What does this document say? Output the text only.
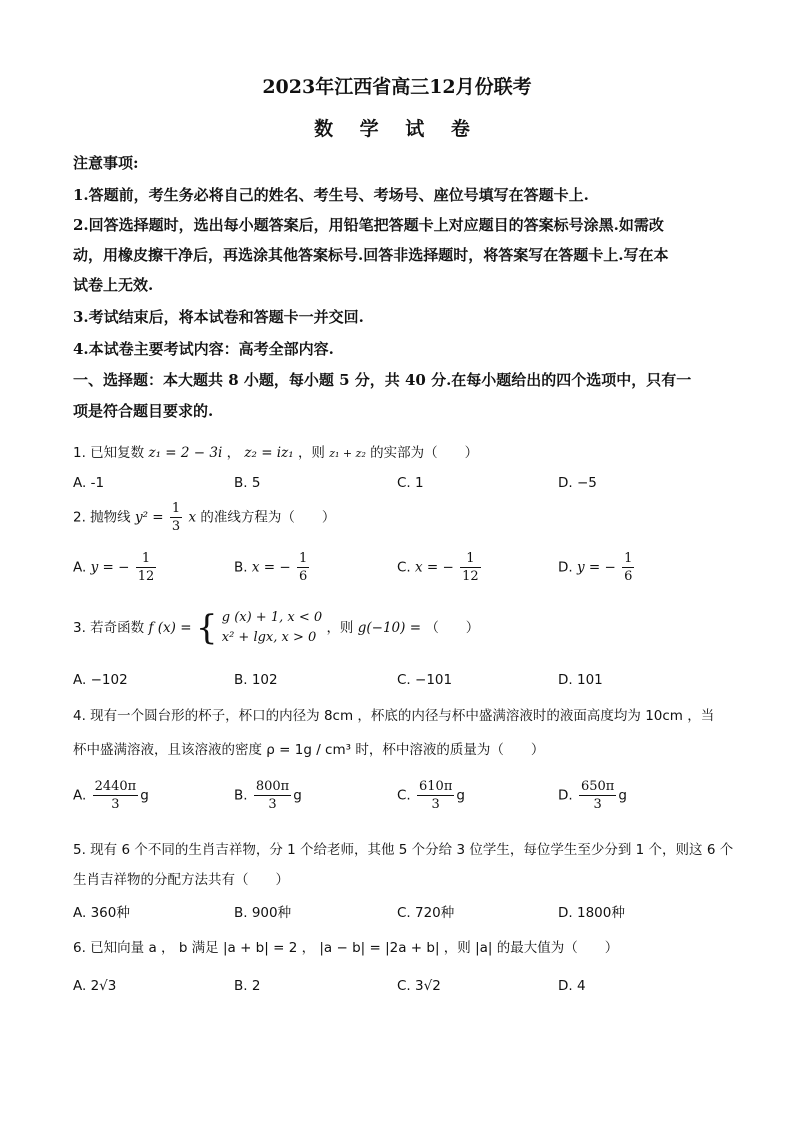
2023年江西省高三12月份联考
数 学 试 卷
注意事项:
1.答题前，考生务必将自己的姓名、考生号、考场号、座位号填写在答题卡上.
2.回答选择题时，选出每小题答案后，用铅笔把答题卡上对应题目的答案标号涂黑.如需改
动，用橡皮擦干净后，再选涂其他答案标号.回答非选择题时，将答案写在答题卡上.写在本
试卷上无效.
3.考试结束后，将本试卷和答题卡一并交回.
4.本试卷主要考试内容：高考全部内容.
一、选择题：本大题共 8 小题，每小题 5 分，共 40 分.在每小题给出的四个选项中，只有一
项是符合题目要求的.
1. 已知复数 z₁ = 2 − 3i ， z₂ = iz₁ ，则 z₁ + z₂ 的实部为（　　）
A. -1	B. 5	C. 1	D. −5
2. 抛物线 $y^2 = \frac{1}{3}$ x 的准线方程为（　　）
A. y = − $\frac{1}{12}$	B. x = − $\frac{1}{6}$	C. x = − $\frac{1}{12}$	D. y = − $\frac{1}{6}$
3. 若奇函数 f (x) = { g (x) + 1, x < 0
x² + lgx, x > 0
，则 g(−10) = （　　）
A. −102	B. 102	C. −101	D. 101
4. 现有一个圆台形的杯子，杯口的内径为 8cm ，杯底的内径与杯中盛满溶液时的液面高度均为 10cm ，当
杯中盛满溶液，且该溶液的密度 ρ = 1g / cm³ 时，杯中溶液的质量为（　　）
A. $\frac{2440\pi}{3}$ g	B. $\frac{800\pi}{3}$ g	C. $\frac{610\pi}{3}$ g	D. $\frac{650\pi}{3}$ g
5. 现有 6 个不同的生肖吉祥物，分 1 个给老师，其他 5 个分给 3 位学生，每位学生至少分到 1 个，则这 6 个
生肖吉祥物的分配方法共有（　　）
A. 360种	B. 900种	C. 720种	D. 1800种
6. 已知向量 a ， b 满足 |a + b| = 2 ， |a − b| = |2a + b| ，则 |a| 的最大值为（　　）
A. 2√3	B. 2	C. 3√2	D. 4
